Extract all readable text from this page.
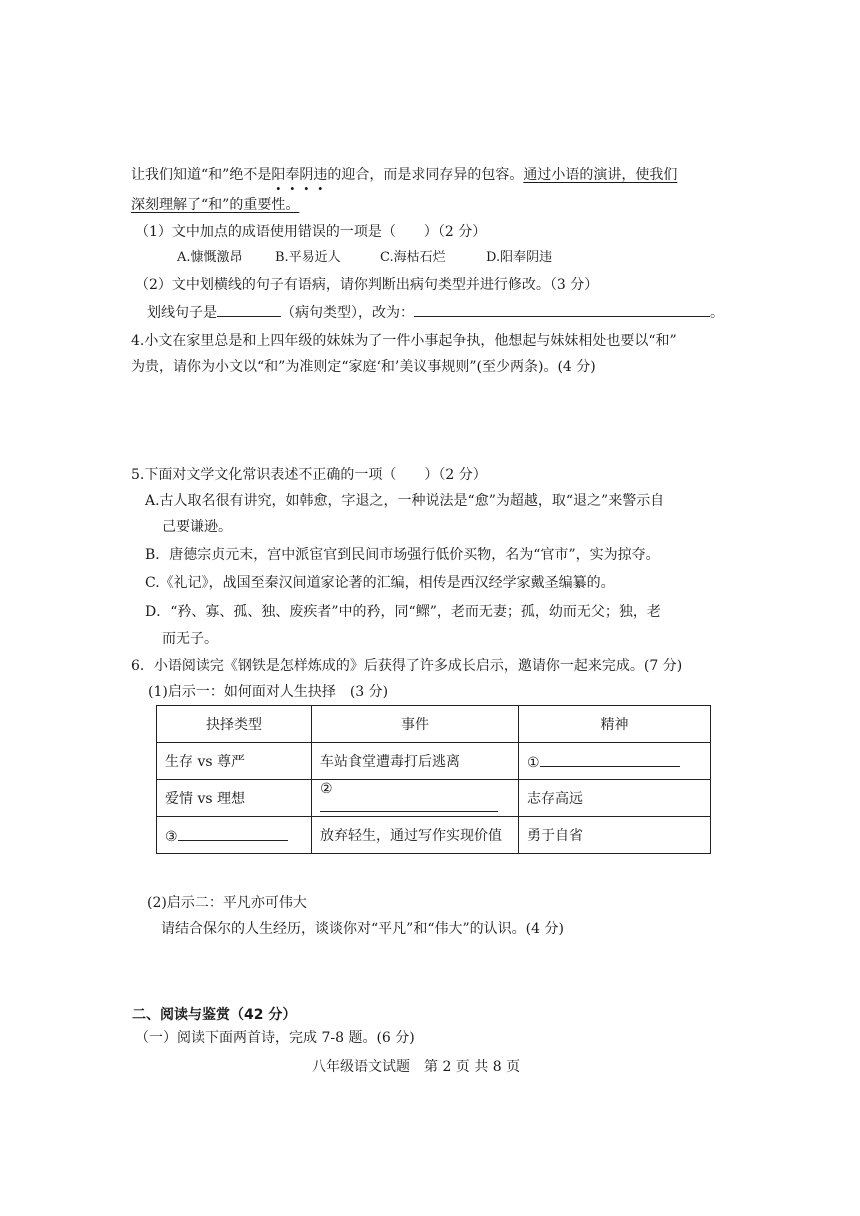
让我们知道“和”绝不是阳奉阴违的迎合，而是求同存异的包容。通过小语的演讲，使我们
深刻理解了“和”的重要性。
（1）文中加点的成语使用错误的一项是（　　）（2 分）
A.慷慨激昂 B.平易近人	C.海枯石烂	D.阳奉阴违
（2）文中划横线的句子有语病，请你判断出病句类型并进行修改。（3 分）
划线句子是	（病句类型），改为：	。
4.小文在家里总是和上四年级的妹妹为了一件小事起争执，他想起与妹妹相处也要以“和”
为贵，请你为小文以“和”为准则定“家庭‘和’美议事规则”(至少两条)。(4 分)
5.下面对文学文化常识表述不正确的一项（　　）（2 分）
A.古人取名很有讲究，如韩愈，字退之，一种说法是“愈”为超越，取“退之”来警示自
己要谦逊。
B．唐德宗贞元末，宫中派宦官到民间市场强行低价买物，名为“官市”，实为掠夺。
C.《礼记》，战国至秦汉间道家论著的汇编，相传是西汉经学家戴圣编纂的。
D．“矜、寡、孤、独、废疾者”中的矜，同“鳏”，老而无妻；孤，幼而无父；独，老
而无子。
6．小语阅读完《钢铁是怎样炼成的》后获得了许多成长启示，邀请你一起来完成。(7 分)
(1)启示一：如何面对人生抉择　(3 分)
抉择类型	事件	精神
生存 vs 尊严	车站食堂遭毒打后逃离	①
爱情 vs 理想	②	志存高远
③	放弃轻生，通过写作实现价值	勇于自省
(2)启示二：平凡亦可伟大
请结合保尔的人生经历，谈谈你对“平凡”和“伟大”的认识。(4 分)
二、阅读与鉴赏（42 分）
（一）阅读下面两首诗，完成 7-8 题。(6 分)
八年级语文试题　第 2 页 共 8 页
